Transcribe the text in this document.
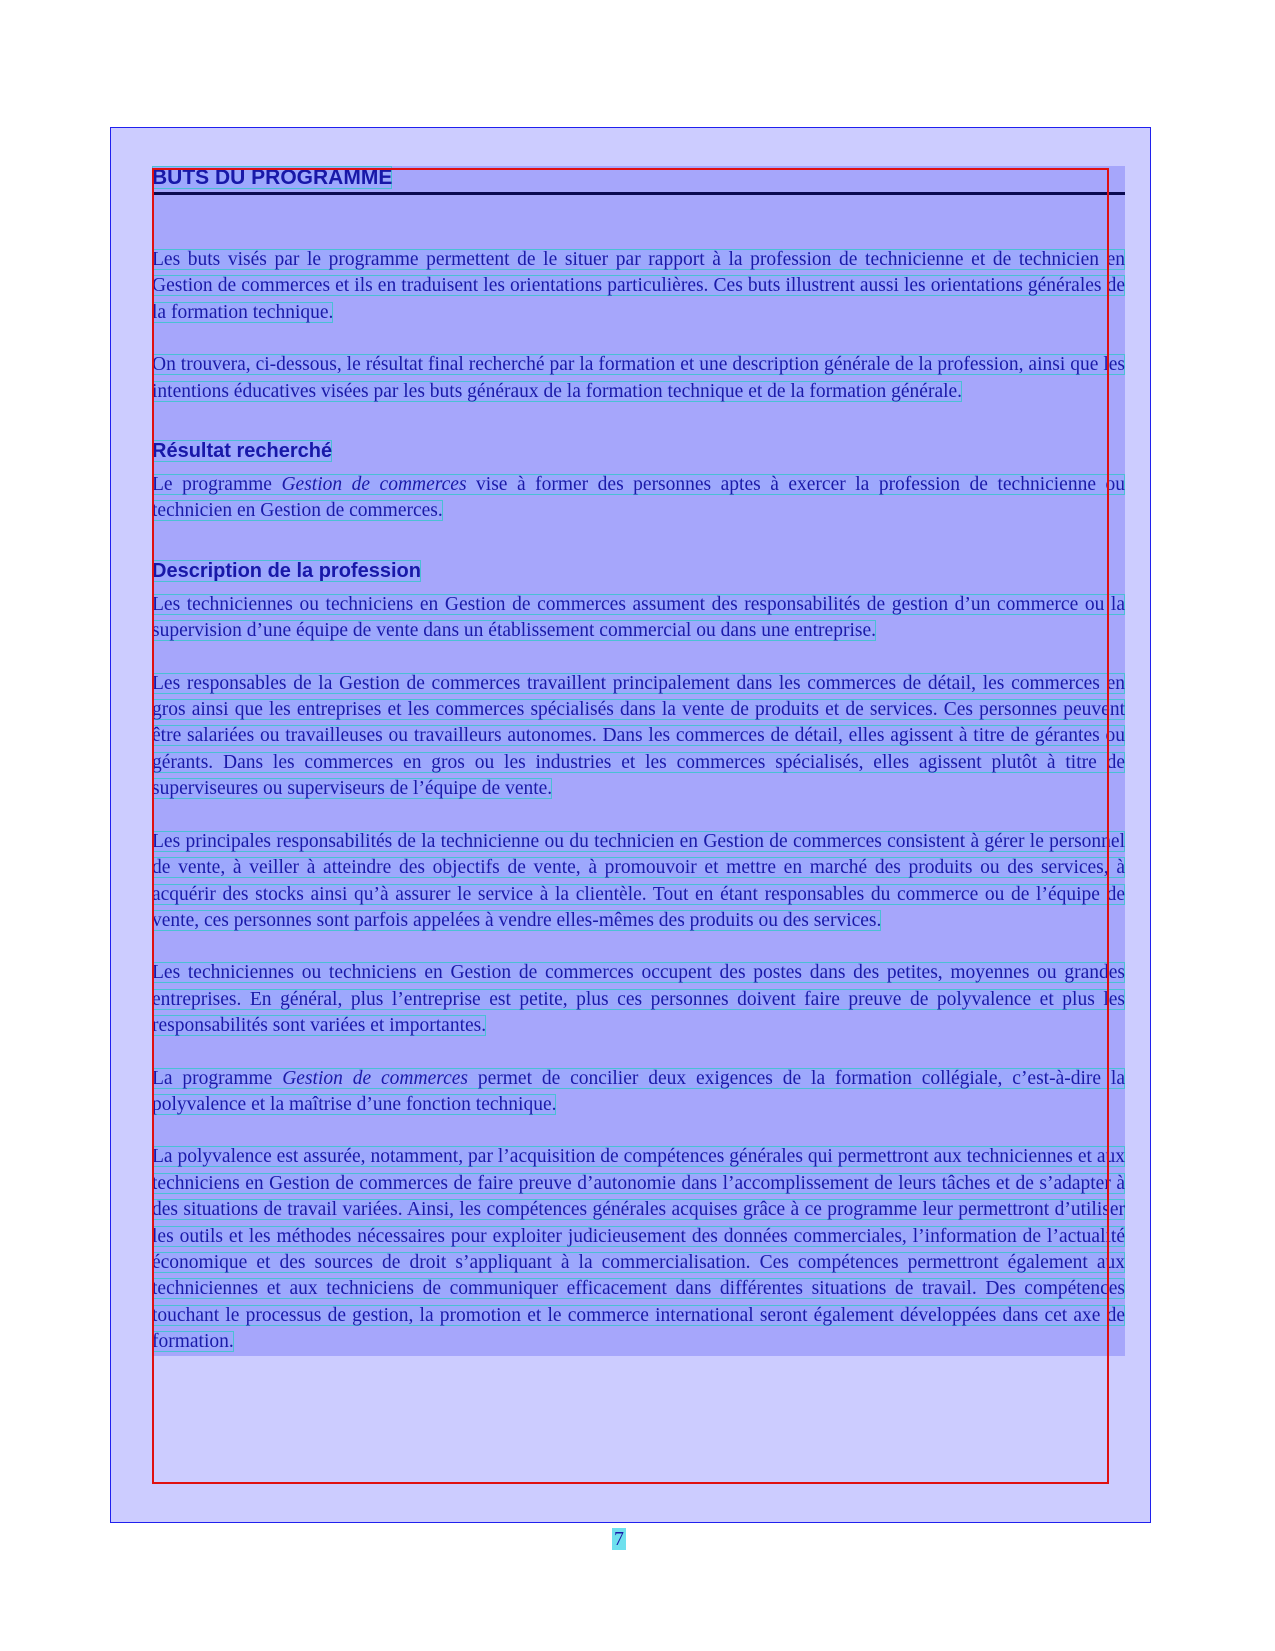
BUTS DU PROGRAMME

Les buts visés par le programme permettent de le situer par rapport à la profession de technicienne et de technicien en Gestion de commerces et ils en traduisent les orientations particulières. Ces buts illustrent aussi les orientations générales de la formation technique.

On trouvera, ci-dessous, le résultat final recherché par la formation et une description générale de la profession, ainsi que les intentions éducatives visées par les buts généraux de la formation technique et de la formation générale.

Résultat recherché

Le programme Gestion de commerces vise à former des personnes aptes à exercer la profession de technicienne ou technicien en Gestion de commerces.

Description de la profession

Les techniciennes ou techniciens en Gestion de commerces assument des responsabilités de gestion d’un commerce ou la supervision d’une équipe de vente dans un établissement commercial ou dans une entreprise.

Les responsables de la Gestion de commerces travaillent principalement dans les commerces de détail, les commerces en gros ainsi que les entreprises et les commerces spécialisés dans la vente de produits et de services. Ces personnes peuvent être salariées ou travailleuses ou travailleurs autonomes. Dans les commerces de détail, elles agissent à titre de gérantes ou gérants. Dans les commerces en gros ou les industries et les commerces spécialisés, elles agissent plutôt à titre de superviseures ou superviseurs de l’équipe de vente.

Les principales responsabilités de la technicienne ou du technicien en Gestion de commerces consistent à gérer le personnel de vente, à veiller à atteindre des objectifs de vente, à promouvoir et mettre en marché des produits ou des services, à acquérir des stocks ainsi qu’à assurer le service à la clientèle. Tout en étant responsables du commerce ou de l’équipe de vente, ces personnes sont parfois appelées à vendre elles-mêmes des produits ou des services.

Les techniciennes ou techniciens en Gestion de commerces occupent des postes dans des petites, moyennes ou grandes entreprises. En général, plus l’entreprise est petite, plus ces personnes doivent faire preuve de polyvalence et plus les responsabilités sont variées et importantes.

La programme Gestion de commerces permet de concilier deux exigences de la formation collégiale, c’est-à-dire la polyvalence et la maîtrise d’une fonction technique.

La polyvalence est assurée, notamment, par l’acquisition de compétences générales qui permettront aux techniciennes et aux techniciens en Gestion de commerces de faire preuve d’autonomie dans l’accomplissement de leurs tâches et de s’adapter à des situations de travail variées. Ainsi, les compétences générales acquises grâce à ce programme leur permettront d’utiliser les outils et les méthodes nécessaires pour exploiter judicieusement des données commerciales, l’information de l’actualité économique et des sources de droit s’appliquant à la commercialisation. Ces compétences permettront également aux techniciennes et aux techniciens de communiquer efficacement dans différentes situations de travail. Des compétences touchant le processus de gestion, la promotion et le commerce international seront également développées dans cet axe de formation.

7
